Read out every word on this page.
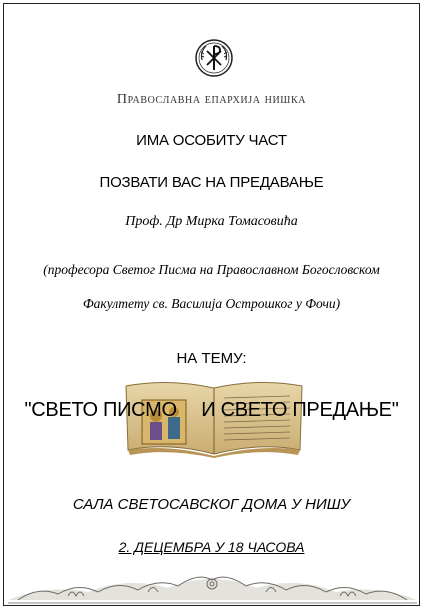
Православна епархија нишка
ИМА ОСОБИТУ ЧАСТ
ПОЗВАТИ ВАС НА ПРЕДАВАЊЕ
Проф. Др Мирка Томасовића
(професора Светог Писма на Православном Богословском
Факултету св. Василија Острошког у Фочи)
НА ТЕМУ:
"СВЕТО ПИСМО И СВЕТО ПРЕДАЊЕ"
САЛА СВЕТОСАВСКОГ ДОМА У НИШУ
2. ДЕЦЕМБРА У 18 ЧАСОВА
